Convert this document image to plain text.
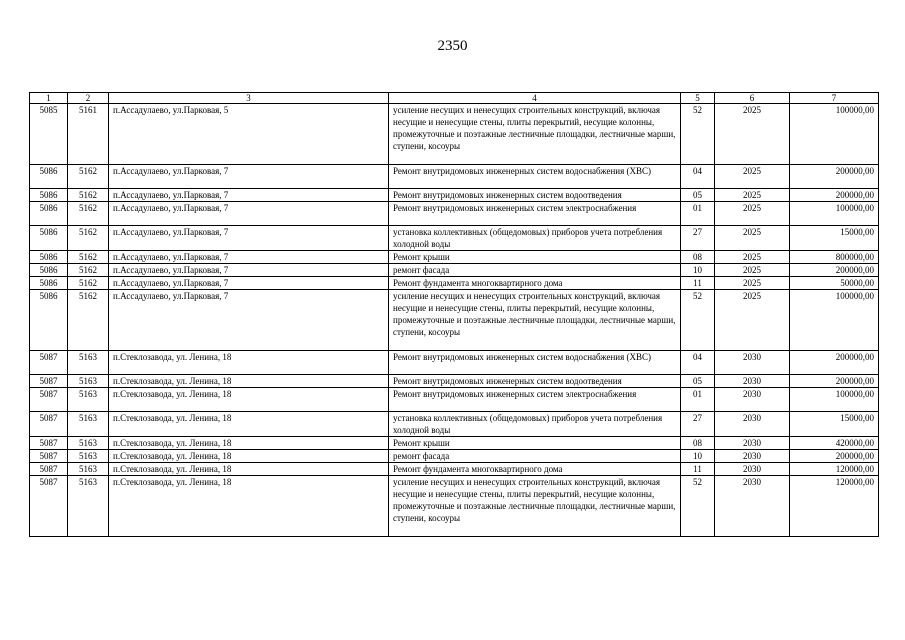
2350
1	2	3	4	5	6	7
5085	5161	п.Ассадулаево, ул.Парковая, 5	усиление несущих и ненесущих строительных конструкций, включая несущие и ненесущие стены, плиты перекрытий, несущие колонны, промежуточные и поэтажные лестничные площадки, лестничные марши, ступени, косоуры	52	2025	100000,00
5086	5162	п.Ассадулаево, ул.Парковая, 7	Ремонт внутридомовых инженерных систем водоснабжения (ХВС)	04	2025	200000,00
5086	5162	п.Ассадулаево, ул.Парковая, 7	Ремонт внутридомовых инженерных систем водоотведения	05	2025	200000,00
5086	5162	п.Ассадулаево, ул.Парковая, 7	Ремонт внутридомовых инженерных систем электроснабжения	01	2025	100000,00
5086	5162	п.Ассадулаево, ул.Парковая, 7	установка коллективных (общедомовых) приборов учета потребления холодной воды	27	2025	15000,00
5086	5162	п.Ассадулаево, ул.Парковая, 7	Ремонт крыши	08	2025	800000,00
5086	5162	п.Ассадулаево, ул.Парковая, 7	ремонт фасада	10	2025	200000,00
5086	5162	п.Ассадулаево, ул.Парковая, 7	Ремонт фундамента многоквартирного дома	11	2025	50000,00
5086	5162	п.Ассадулаево, ул.Парковая, 7	усиление несущих и ненесущих строительных конструкций, включая несущие и ненесущие стены, плиты перекрытий, несущие колонны, промежуточные и поэтажные лестничные площадки, лестничные марши, ступени, косоуры	52	2025	100000,00
5087	5163	п.Стеклозавода, ул. Ленина, 18	Ремонт внутридомовых инженерных систем водоснабжения (ХВС)	04	2030	200000,00
5087	5163	п.Стеклозавода, ул. Ленина, 18	Ремонт внутридомовых инженерных систем водоотведения	05	2030	200000,00
5087	5163	п.Стеклозавода, ул. Ленина, 18	Ремонт внутридомовых инженерных систем электроснабжения	01	2030	100000,00
5087	5163	п.Стеклозавода, ул. Ленина, 18	установка коллективных (общедомовых) приборов учета потребления холодной воды	27	2030	15000,00
5087	5163	п.Стеклозавода, ул. Ленина, 18	Ремонт крыши	08	2030	420000,00
5087	5163	п.Стеклозавода, ул. Ленина, 18	ремонт фасада	10	2030	200000,00
5087	5163	п.Стеклозавода, ул. Ленина, 18	Ремонт фундамента многоквартирного дома	11	2030	120000,00
5087	5163	п.Стеклозавода, ул. Ленина, 18	усиление несущих и ненесущих строительных конструкций, включая несущие и ненесущие стены, плиты перекрытий, несущие колонны, промежуточные и поэтажные лестничные площадки, лестничные марши, ступени, косоуры	52	2030	120000,00
